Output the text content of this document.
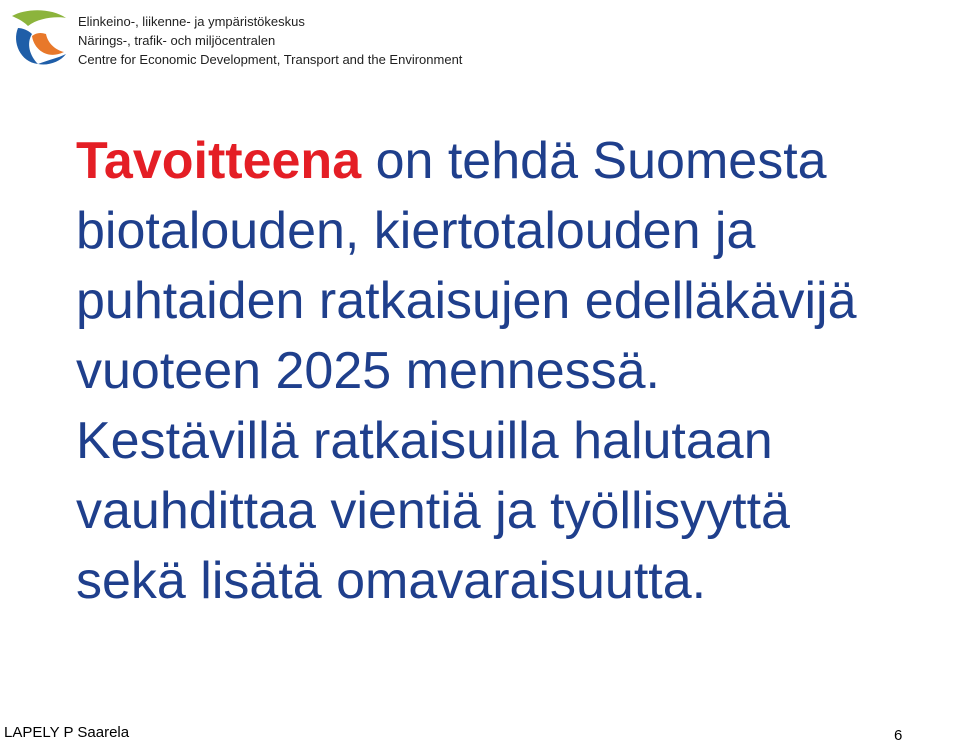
Elinkeino-, liikenne- ja ympäristökeskus
Närings-, trafik- och miljöcentralen
Centre for Economic Development, Transport and the Environment
Tavoitteena on tehdä Suomesta
biotalouden, kiertotalouden ja
puhtaiden ratkaisujen edelläkävijä
vuoteen 2025 mennessä.
Kestävillä ratkaisuilla halutaan
vauhdittaa vientiä ja työllisyyttä
sekä lisätä omavaraisuutta.
LAPELY P Saarela	6
